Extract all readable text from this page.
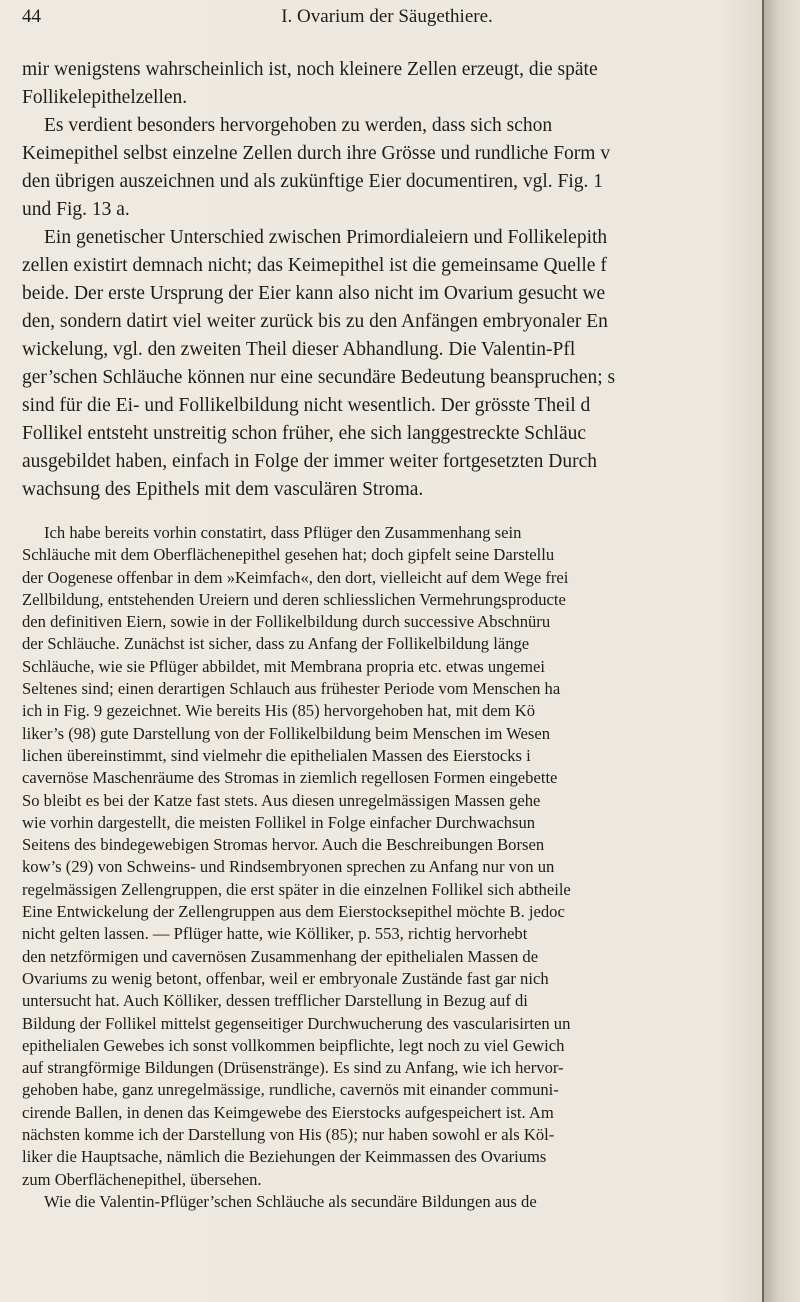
44	I. Ovarium der Säugethiere.
mir wenigstens wahrscheinlich ist, noch kleinere Zellen erzeugt, die späte
Follikelepithelzellen.
Es verdient besonders hervorgehoben zu werden, dass sich schon
Keimepithel selbst einzelne Zellen durch ihre Grösse und rundliche Form v
den übrigen auszeichnen und als zukünftige Eier documentiren, vgl. Fig. 1
und Fig. 13 a.
Ein genetischer Unterschied zwischen Primordialeiern und Follikelepith
zellen existirt demnach nicht; das Keimepithel ist die gemeinsame Quelle f
beide. Der erste Ursprung der Eier kann also nicht im Ovarium gesucht we
den, sondern datirt viel weiter zurück bis zu den Anfängen embryonaler En
wickelung, vgl. den zweiten Theil dieser Abhandlung. Die Valentin-Pfl
ger’schen Schläuche können nur eine secundäre Bedeutung beanspruchen; s
sind für die Ei- und Follikelbildung nicht wesentlich. Der grösste Theil d
Follikel entsteht unstreitig schon früher, ehe sich langgestreckte Schläuc
ausgebildet haben, einfach in Folge der immer weiter fortgesetzten Durch
wachsung des Epithels mit dem vasculären Stroma.
Ich habe bereits vorhin constatirt, dass Pflüger den Zusammenhang sein
Schläuche mit dem Oberflächenepithel gesehen hat; doch gipfelt seine Darstellu
der Oogenese offenbar in dem »Keimfach«, den dort, vielleicht auf dem Wege frei
Zellbildung, entstehenden Ureiern und deren schliesslichen Vermehrungsproducte
den definitiven Eiern, sowie in der Follikelbildung durch successive Abschnüru
der Schläuche. Zunächst ist sicher, dass zu Anfang der Follikelbildung länge
Schläuche, wie sie Pflüger abbildet, mit Membrana propria etc. etwas ungemei
Seltenes sind; einen derartigen Schlauch aus frühester Periode vom Menschen ha
ich in Fig. 9 gezeichnet. Wie bereits His (85) hervorgehoben hat, mit dem Kö
liker’s (98) gute Darstellung von der Follikelbildung beim Menschen im Wesen
lichen übereinstimmt, sind vielmehr die epithelialen Massen des Eierstocks i
cavernöse Maschenräume des Stromas in ziemlich regellosen Formen eingebette
So bleibt es bei der Katze fast stets. Aus diesen unregelmässigen Massen gehe
wie vorhin dargestellt, die meisten Follikel in Folge einfacher Durchwachsun
Seitens des bindegewebigen Stromas hervor. Auch die Beschreibungen Borsen
kow’s (29) von Schweins- und Rindsembryonen sprechen zu Anfang nur von un
regelmässigen Zellengruppen, die erst später in die einzelnen Follikel sich abtheile
Eine Entwickelung der Zellengruppen aus dem Eierstocksepithel möchte B. jedoc
nicht gelten lassen. — Pflüger hatte, wie Kölliker, p. 553, richtig hervorhebt
den netzförmigen und cavernösen Zusammenhang der epithelialen Massen de
Ovariums zu wenig betont, offenbar, weil er embryonale Zustände fast gar nich
untersucht hat. Auch Kölliker, dessen trefflicher Darstellung in Bezug auf di
Bildung der Follikel mittelst gegenseitiger Durchwucherung des vascularisirten un
epithelialen Gewebes ich sonst vollkommen beipflichte, legt noch zu viel Gewich
auf strangförmige Bildungen (Drüsenstränge). Es sind zu Anfang, wie ich hervor-
gehoben habe, ganz unregelmässige, rundliche, cavernös mit einander communi-
cirende Ballen, in denen das Keimgewebe des Eierstocks aufgespeichert ist. Am
nächsten komme ich der Darstellung von His (85); nur haben sowohl er als Köl-
liker die Hauptsache, nämlich die Beziehungen der Keimmassen des Ovariums
zum Oberflächenepithel, übersehen.
Wie die Valentin-Pflüger’schen Schläuche als secundäre Bildungen aus de
